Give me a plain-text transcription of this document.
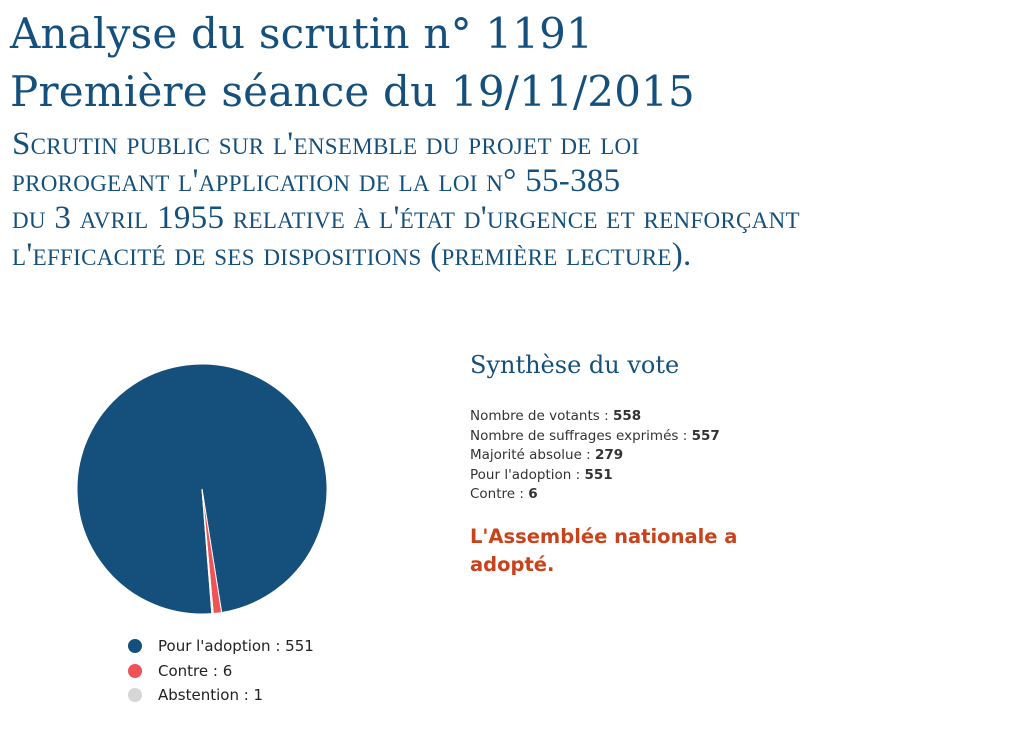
Analyse du scrutin n° 1191
Première séance du 19/11/2015
Scrutin public sur l'ensemble du projet de loi
prorogeant l'application de la loi n° 55-385
du 3 avril 1955 relative à l'état d'urgence et renforçant
l'efficacité de ses dispositions (première lecture).
Pour l'adoption : 551
Contre : 6
Abstention : 1
Synthèse du vote
Nombre de votants : 558
Nombre de suffrages exprimés : 557
Majorité absolue : 279
Pour l'adoption : 551
Contre : 6
L'Assemblée nationale a adopté.
